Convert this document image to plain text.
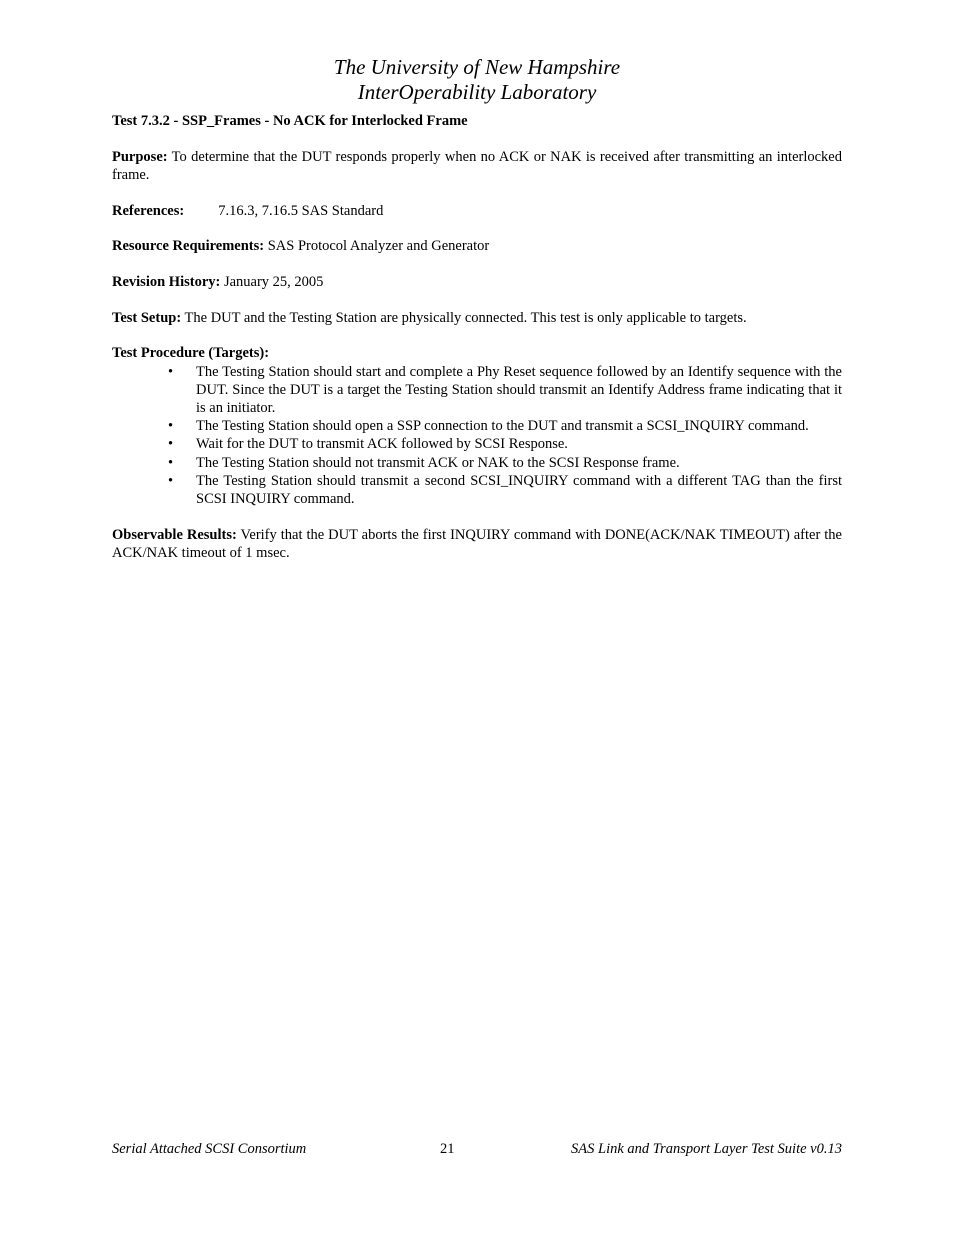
The University of New Hampshire
InterOperability Laboratory

Test 7.3.2 - SSP_Frames - No ACK for Interlocked Frame

Purpose: To determine that the DUT responds properly when no ACK or NAK is received after transmitting an interlocked frame.

References: 7.16.3, 7.16.5 SAS Standard

Resource Requirements: SAS Protocol Analyzer and Generator

Revision History: January 25, 2005

Test Setup: The DUT and the Testing Station are physically connected. This test is only applicable to targets.

Test Procedure (Targets):
• The Testing Station should start and complete a Phy Reset sequence followed by an Identify sequence with the DUT. Since the DUT is a target the Testing Station should transmit an Identify Address frame indicating that it is an initiator.
• The Testing Station should open a SSP connection to the DUT and transmit a SCSI_INQUIRY command.
• Wait for the DUT to transmit ACK followed by SCSI Response.
• The Testing Station should not transmit ACK or NAK to the SCSI Response frame.
• The Testing Station should transmit a second SCSI_INQUIRY command with a different TAG than the first SCSI INQUIRY command.

Observable Results: Verify that the DUT aborts the first INQUIRY command with DONE(ACK/NAK TIMEOUT) after the ACK/NAK timeout of 1 msec.

Serial Attached SCSI Consortium	21	SAS Link and Transport Layer Test Suite v0.13
